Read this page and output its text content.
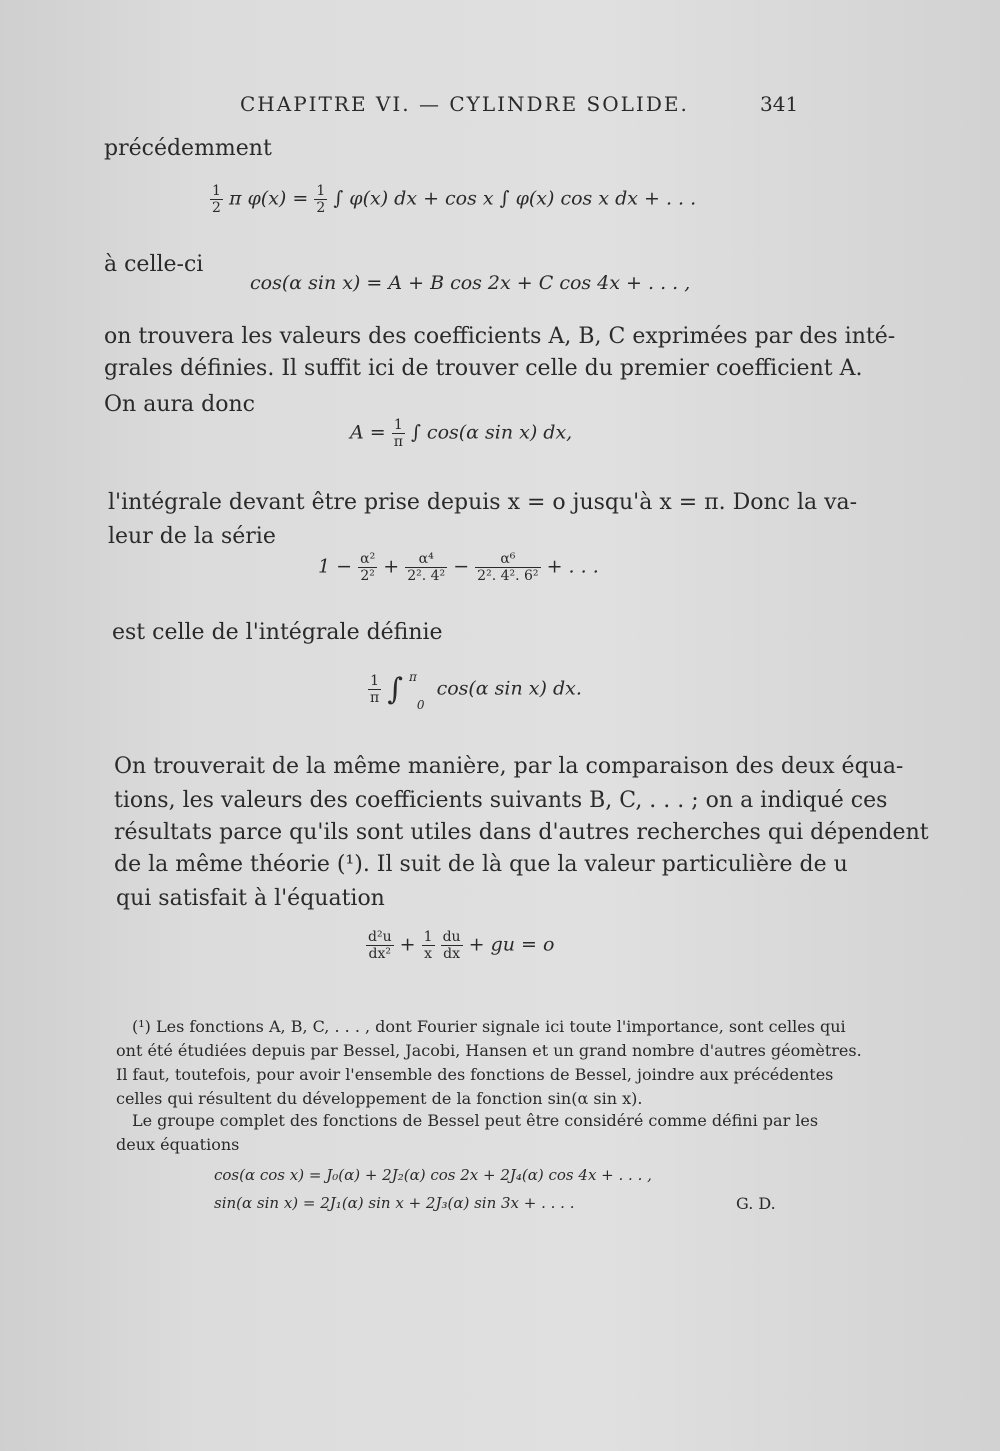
CHAPITRE VI. — CYLINDRE SOLIDE.	341
précédemment
$\frac{1}{2}$ π $\varphi(x) = \frac{1}{2}$ ∫ φ(x) dx + cos x ∫ φ(x) cos x dx + . . .
à celle-ci
cos(α sin x) = A + B cos 2x + C cos 4x + . . . ,
on trouvera les valeurs des coefficients A, B, C exprimées par des inté-
grales définies. Il suffit ici de trouver celle du premier coefficient A.
On aura donc
$A = \frac{1}{\pi}$ ∫ cos(α sin x) dx,
l'intégrale devant être prise depuis x = o jusqu'à x = π. Donc la va-
leur de la série
$1 - \frac{\text{α²}}{\text{2²}} + \frac{\text{α⁴}}{\text{2². 4²}} - \frac{\text{α⁶}}{\text{2². 4². 6²}}$ + . . .
est celle de l'intégrale définie
$\frac{1}{\pi}$ ∫ $^\pi$ $_0$ cos(α sin x) dx.
On trouverait de la même manière, par la comparaison des deux équa-
tions, les valeurs des coefficients suivants B, C, . . . ; on a indiqué ces
résultats parce qu'ils sont utiles dans d'autres recherches qui dépendent
de la même théorie (¹). Il suit de là que la valeur particulière de u
qui satisfait à l'équation
$\frac{\text{d²u}}{\text{dx²}} + \frac{1}{x}$
$\frac{du}{dx}$ + gu = o
(¹) Les fonctions A, B, C, . . . , dont Fourier signale ici toute l'importance, sont celles qui
ont été étudiées depuis par Bessel, Jacobi, Hansen et un grand nombre d'autres géomètres.
Il faut, toutefois, pour avoir l'ensemble des fonctions de Bessel, joindre aux précédentes
celles qui résultent du développement de la fonction sin(α sin x).
Le groupe complet des fonctions de Bessel peut être considéré comme défini par les
deux équations
cos(α cos x) = J₀(α) + 2J₂(α) cos 2x + 2J₄(α) cos 4x + . . . ,
sin(α sin x) = 2J₁(α) sin x + 2J₃(α) sin 3x + . . . .	G. D.
